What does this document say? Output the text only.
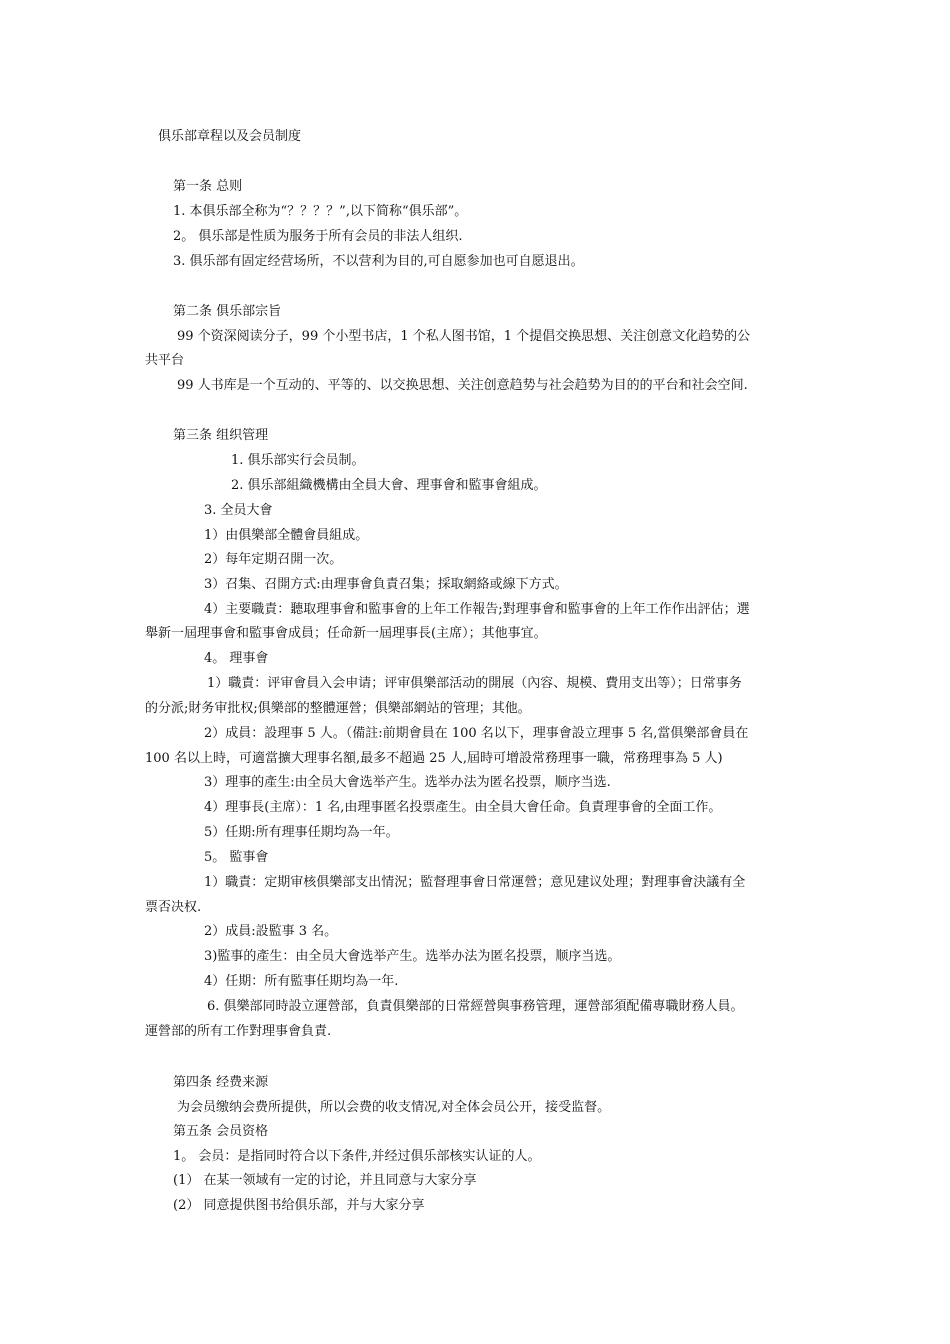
俱乐部章程以及会员制度
第一条 总则
1. 本俱乐部全称为“？？？？”,以下简称“俱乐部”。
2。 俱乐部是性质为服务于所有会员的非法人组织.
3. 俱乐部有固定经营场所，不以营利为目的,可自愿参加也可自愿退出。
第二条 俱乐部宗旨
99 个资深阅读分子，99 个小型书店，1 个私人图书馆，1 个提倡交换思想、关注创意文化趋势的公
共平台
99 人书库是一个互动的、平等的、以交换思想、关注创意趋势与社会趋势为目的的平台和社会空间.
第三条 组织管理
1. 俱乐部实行会员制。
2. 俱乐部組織機構由全員大會、理事會和監事會組成。
3. 全员大會
1）由俱樂部全體會員組成。
2）每年定期召開一次。
3）召集、召開方式:由理事會負責召集；採取網絡或線下方式。
4）主要職責：聽取理事會和監事會的上年工作報告;對理事會和監事會的上年工作作出評估；選
舉新一屆理事會和監事會成員；任命新一屆理事長(主席）；其他事宜。
4。 理事會
1）職責：评审會員入会申请；评审俱樂部活动的開展（內容、規模、費用支出等）；日常事务
的分派;財务审批权;俱樂部的整體運營；俱樂部網站的管理；其他。
2）成員：設理事 5 人。（備註:前期會員在 100 名以下，理事會設立理事 5 名,當俱樂部會員在
100 名以上時，可適當擴大理事名額,最多不超過 25 人,屆時可增設常務理事一職，常務理事為 5 人)
3）理事的產生:由全员大會选举产生。选举办法为匿名投票，顺序当选.
4）理事長(主席）：1 名,由理事匿名投票產生。由全員大會任命。負責理事會的全面工作。
5）任期:所有理事任期均為一年。
5。 監事會
1）職責：定期审核俱樂部支出情況；監督理事會日常運營；意见建议处理；對理事會決議有全
票否决权.
2）成員:設監事 3 名。
3)監事的產生：由全员大會选举产生。选举办法为匿名投票，顺序当选。
4）任期：所有監事任期均為一年.
6. 俱樂部同時設立運營部，負責俱樂部的日常經營與事務管理，運營部須配備專職財務人員。
運營部的所有工作對理事會負責.
第四条 经费来源
为会员缴纳会费所提供，所以会费的收支情况,对全体会员公开，接受监督。
第五条 会员资格
1。 会员：是指同时符合以下条件,并经过俱乐部核实认证的人。
(1） 在某一领域有一定的讨论，并且同意与大家分享
(2） 同意提供图书给俱乐部，并与大家分享
